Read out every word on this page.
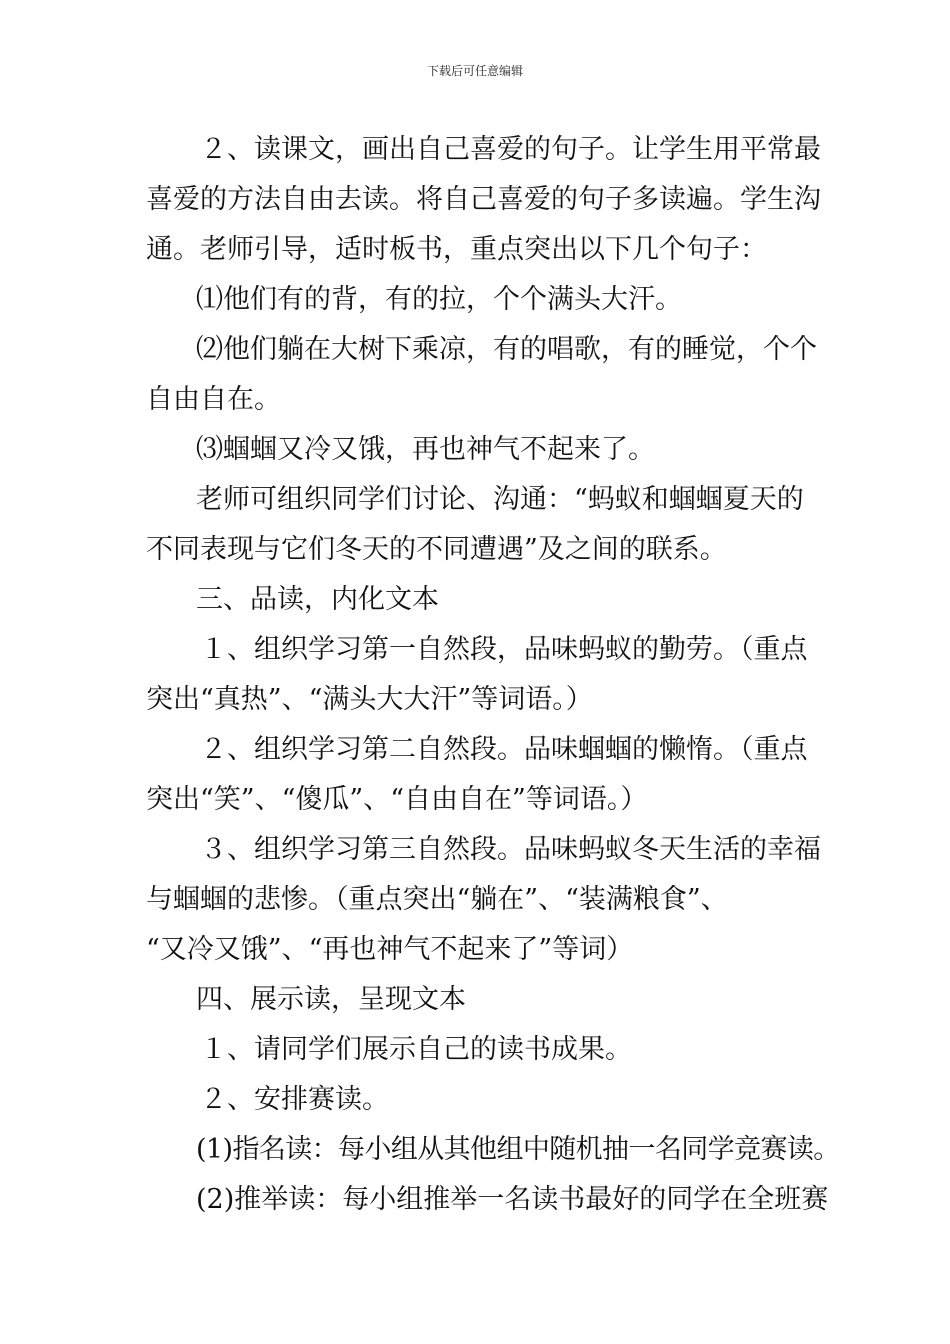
下载后可任意编辑
２、读课文，画出自己喜爱的句子。让学生用平常最
喜爱的方法自由去读。将自己喜爱的句子多读遍。学生沟
通。老师引导，适时板书，重点突出以下几个句子：
⑴他们有的背，有的拉，个个满头大汗。
⑵他们躺在大树下乘凉，有的唱歌，有的睡觉，个个
自由自在。
⑶蝈蝈又冷又饿，再也神气不起来了。
老师可组织同学们讨论、沟通：“蚂蚁和蝈蝈夏天的
不同表现与它们冬天的不同遭遇”及之间的联系。
三、品读，内化文本
１、组织学习第一自然段，品味蚂蚁的勤劳。（重点
突出“真热”、“满头大大汗”等词语。）
２、组织学习第二自然段。品味蝈蝈的懒惰。（重点
突出“笑”、“傻瓜”、“自由自在”等词语。）
３、组织学习第三自然段。品味蚂蚁冬天生活的幸福
与蝈蝈的悲惨。（重点突出“躺在”、“装满粮食”、
“又冷又饿”、“再也神气不起来了”等词）
四、展示读，呈现文本
１、请同学们展示自己的读书成果。
２、安排赛读。
(1)指名读：每小组从其他组中随机抽一名同学竞赛读。
(2)推举读：每小组推举一名读书最好的同学在全班赛
